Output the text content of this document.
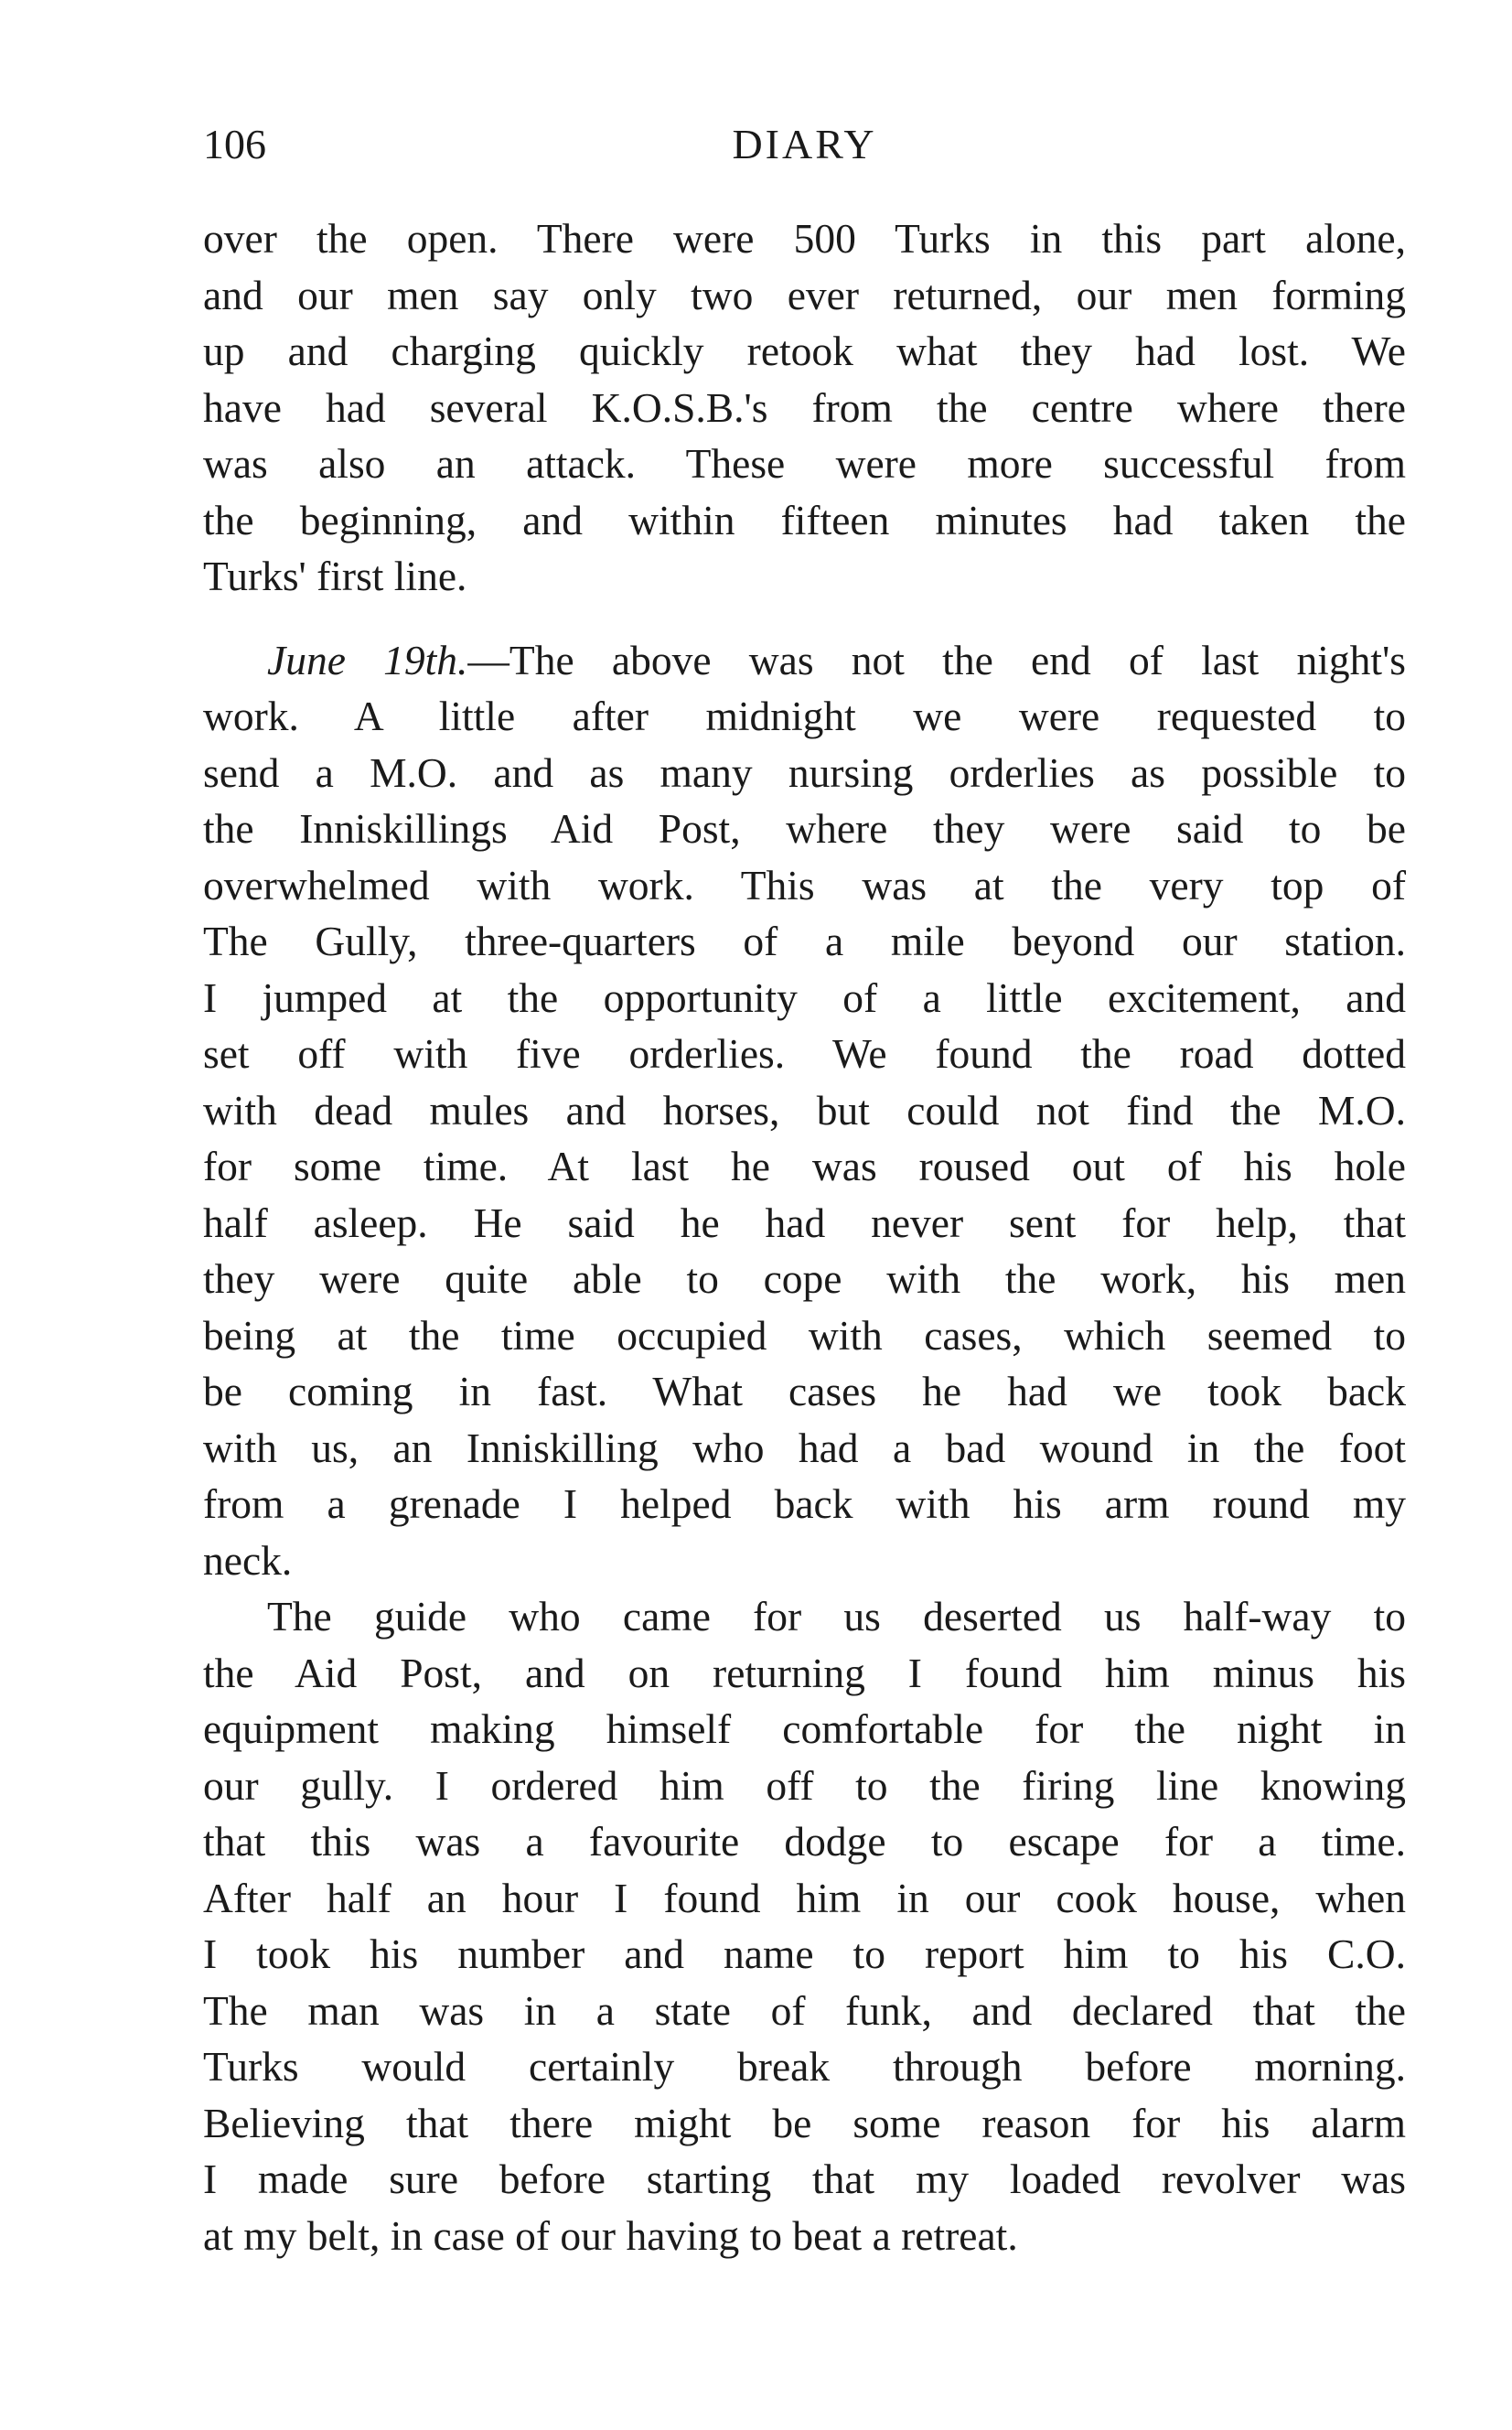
106	DIARY

over the open. There were 500 Turks in this part alone,
and our men say only two ever returned, our men forming
up and charging quickly retook what they had lost. We
have had several K.O.S.B.'s from the centre where there
was also an attack. These were more successful from
the beginning, and within fifteen minutes had taken the
Turks' first line.

June 19th.—The above was not the end of last night's
work. A little after midnight we were requested to
send a M.O. and as many nursing orderlies as possible to
the Inniskillings Aid Post, where they were said to be
overwhelmed with work. This was at the very top of
The Gully, three-quarters of a mile beyond our station.
I jumped at the opportunity of a little excitement, and
set off with five orderlies. We found the road dotted
with dead mules and horses, but could not find the M.O.
for some time. At last he was roused out of his hole
half asleep. He said he had never sent for help, that
they were quite able to cope with the work, his men
being at the time occupied with cases, which seemed to
be coming in fast. What cases he had we took back
with us, an Inniskilling who had a bad wound in the foot
from a grenade I helped back with his arm round my
neck.

The guide who came for us deserted us half-way to
the Aid Post, and on returning I found him minus his
equipment making himself comfortable for the night in
our gully. I ordered him off to the firing line knowing
that this was a favourite dodge to escape for a time.
After half an hour I found him in our cook house, when
I took his number and name to report him to his C.O.
The man was in a state of funk, and declared that the
Turks would certainly break through before morning.
Believing that there might be some reason for his alarm
I made sure before starting that my loaded revolver was
at my belt, in case of our having to beat a retreat.
